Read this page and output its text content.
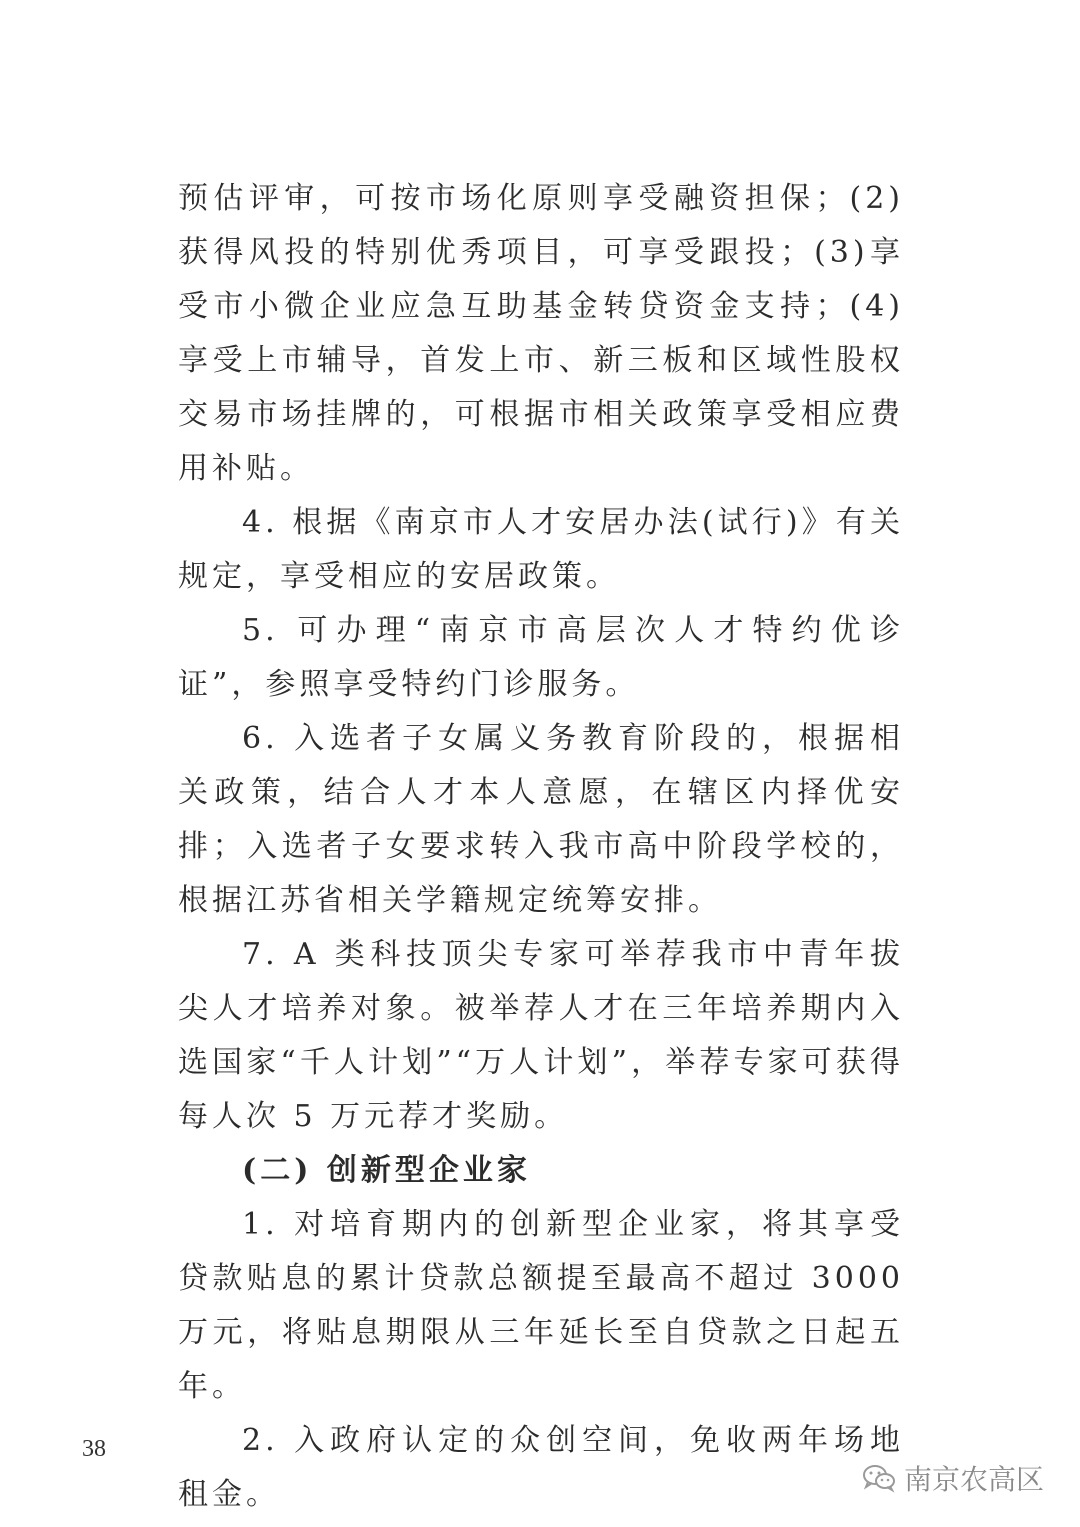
预估评审，可按市场化原则享受融资担保；(2)获得风投的特别优秀项目，可享受跟投；(3)享受市小微企业应急互助基金转贷资金支持；(4)享受上市辅导，首发上市、新三板和区域性股权交易市场挂牌的，可根据市相关政策享受相应费用补贴。

4. 根据《南京市人才安居办法(试行)》有关规定，享受相应的安居政策。

5. 可办理“南京市高层次人才特约优诊证”，参照享受特约门诊服务。

6. 入选者子女属义务教育阶段的，根据相关政策，结合人才本人意愿，在辖区内择优安排；入选者子女要求转入我市高中阶段学校的，根据江苏省相关学籍规定统筹安排。

7. A 类科技顶尖专家可举荐我市中青年拔尖人才培养对象。被举荐人才在三年培养期内入选国家“千人计划”“万人计划”，举荐专家可获得每人次 5 万元荐才奖励。

(二) 创新型企业家

1. 对培育期内的创新型企业家，将其享受贷款贴息的累计贷款总额提至最高不超过 3000 万元，将贴息期限从三年延长至自贷款之日起五年。

2. 入政府认定的众创空间，免收两年场地租金。

38
南京农高区
